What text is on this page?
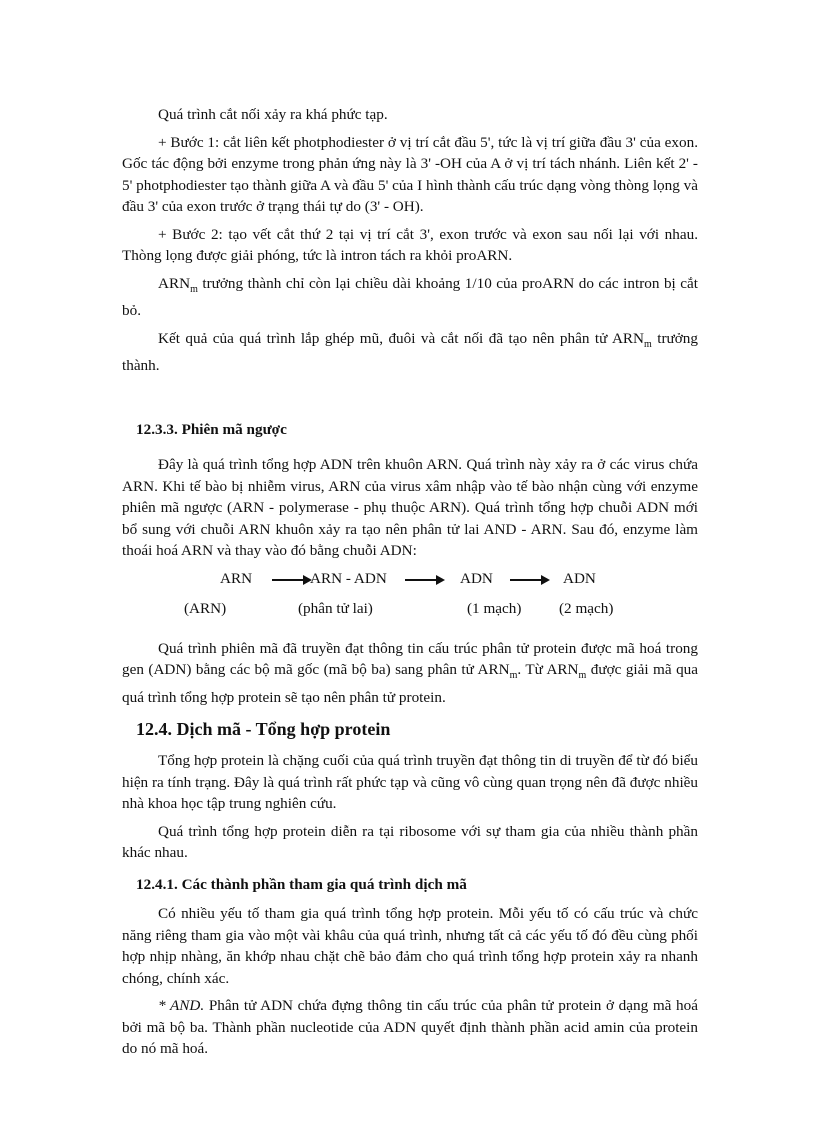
Quá trình cắt nối xảy ra khá phức tạp.

+ Bước 1: cắt liên kết photphodiester ở vị trí cắt đầu 5', tức là vị trí giữa đầu 3' của exon. Gốc tác động bởi enzyme trong phản ứng này là 3' -OH của A ở vị trí tách nhánh. Liên kết 2' - 5' photphodiester tạo thành giữa A và đầu 5' của I hình thành cấu trúc dạng vòng thòng lọng và đầu 3' của exon trước ở trạng thái tự do (3' - OH).

+ Bước 2: tạo vết cắt thứ 2 tại vị trí cắt 3', exon trước và exon sau nối lại với nhau. Thòng lọng được giải phóng, tức là intron tách ra khỏi proARN.

$ARN_m$ trưởng thành chỉ còn lại chiều dài khoảng 1/10 của proARN do các intron bị cắt bỏ.

Kết quả của quá trình lắp ghép mũ, đuôi và cắt nối đã tạo nên phân tử $ARN_m$ trưởng thành.

12.3.3. Phiên mã ngược

Đây là quá trình tổng hợp ADN trên khuôn ARN. Quá trình này xảy ra ở các virus chứa ARN. Khi tế bào bị nhiễm virus, ARN của virus xâm nhập vào tế bào nhận cùng với enzyme phiên mã ngược (ARN - polymerase - phụ thuộc ARN). Quá trình tổng hợp chuỗi ADN mới bổ sung với chuỗi ARN khuôn xảy ra tạo nên phân tử lai AND - ARN. Sau đó, enzyme làm thoái hoá ARN và thay vào đó bằng chuỗi ADN:

ARN	ARN - ADN	ADN	ADN
(ARN)	(phân tử lai)	(1 mạch) (2 mạch)

Quá trình phiên mã đã truyền đạt thông tin cấu trúc phân tử protein được mã hoá trong gen (ADN) bằng các bộ mã gốc (mã bộ ba) sang phân tử $ARN_m$. Từ $ARN_m$ được giải mã qua quá trình tổng hợp protein sẽ tạo nên phân tử protein.

12.4. Dịch mã - Tổng hợp protein

Tổng hợp protein là chặng cuối của quá trình truyền đạt thông tin di truyền để từ đó biểu hiện ra tính trạng. Đây là quá trình rất phức tạp và cũng vô cùng quan trọng nên đã được nhiều nhà khoa học tập trung nghiên cứu.

Quá trình tổng hợp protein diễn ra tại ribosome với sự tham gia của nhiều thành phần khác nhau.

12.4.1. Các thành phần tham gia quá trình dịch mã

Có nhiều yếu tố tham gia quá trình tổng hợp protein. Mỗi yếu tố có cấu trúc và chức năng riêng tham gia vào một vài khâu của quá trình, nhưng tất cả các yếu tố đó đều cùng phối hợp nhịp nhàng, ăn khớp nhau chặt chẽ bảo đảm cho quá trình tổng hợp protein xảy ra nhanh chóng, chính xác.

* AND. Phân tử ADN chứa đựng thông tin cấu trúc của phân tử protein ở dạng mã hoá bởi mã bộ ba. Thành phần nucleotide của ADN quyết định thành phần acid amin của protein do nó mã hoá.
